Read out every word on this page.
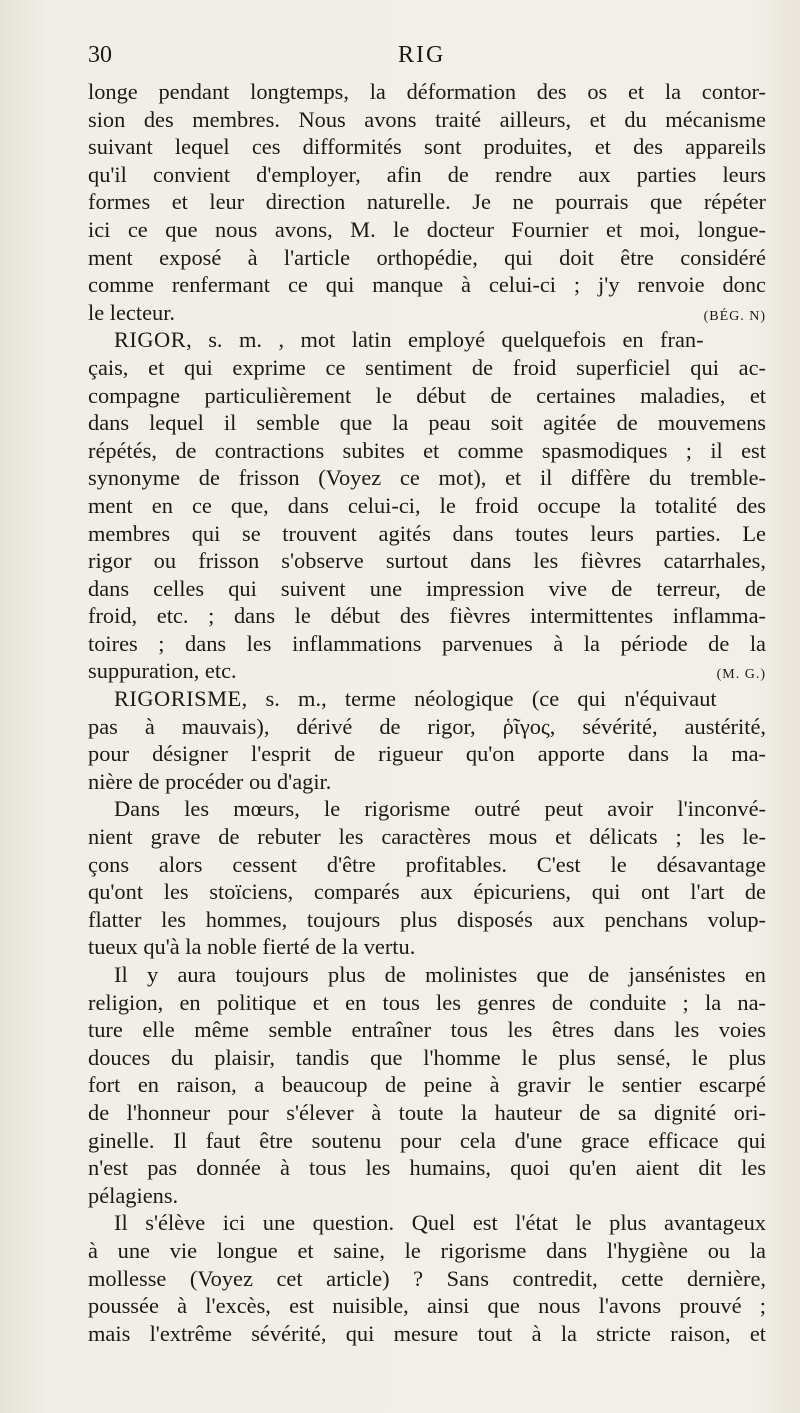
30	RIG

longe pendant longtemps, la déformation des os et la contor-
sion des membres. Nous avons traité ailleurs, et du mécanisme
suivant lequel ces difformités sont produites, et des appareils
qu'il convient d'employer, afin de rendre aux parties leurs
formes et leur direction naturelle. Je ne pourrais que répéter
ici ce que nous avons, M. le docteur Fournier et moi, longue-
ment exposé à l'article orthopédie, qui doit être considéré
comme renfermant ce qui manque à celui-ci ; j'y renvoie donc
le lecteur.	(BÉG. N)

RIGOR, s. m. , mot latin employé quelquefois en fran-
çais, et qui exprime ce sentiment de froid superficiel qui ac-
compagne particulièrement le début de certaines maladies, et
dans lequel il semble que la peau soit agitée de mouvemens
répétés, de contractions subites et comme spasmodiques ; il est
synonyme de frisson (Voyez ce mot), et il diffère du tremble-
ment en ce que, dans celui-ci, le froid occupe la totalité des
membres qui se trouvent agités dans toutes leurs parties. Le
rigor ou frisson s'observe surtout dans les fièvres catarrhales,
dans celles qui suivent une impression vive de terreur, de
froid, etc. ; dans le début des fièvres intermittentes inflamma-
toires ; dans les inflammations parvenues à la période de la
suppuration, etc.	(M. G.)

RIGORISME, s. m., terme néologique (ce qui n'équivaut
pas à mauvais), dérivé de rigor, ῥῖγος, sévérité, austérité,
pour désigner l'esprit de rigueur qu'on apporte dans la ma-
nière de procéder ou d'agir.

Dans les mœurs, le rigorisme outré peut avoir l'inconvé-
nient grave de rebuter les caractères mous et délicats ; les le-
çons alors cessent d'être profitables. C'est le désavantage
qu'ont les stoïciens, comparés aux épicuriens, qui ont l'art de
flatter les hommes, toujours plus disposés aux penchans volup-
tueux qu'à la noble fierté de la vertu.

Il y aura toujours plus de molinistes que de jansénistes en
religion, en politique et en tous les genres de conduite ; la na-
ture elle même semble entraîner tous les êtres dans les voies
douces du plaisir, tandis que l'homme le plus sensé, le plus
fort en raison, a beaucoup de peine à gravir le sentier escarpé
de l'honneur pour s'élever à toute la hauteur de sa dignité ori-
ginelle. Il faut être soutenu pour cela d'une grace efficace qui
n'est pas donnée à tous les humains, quoi qu'en aient dit les
pélagiens.

Il s'élève ici une question. Quel est l'état le plus avantageux
à une vie longue et saine, le rigorisme dans l'hygiène ou la
mollesse (Voyez cet article) ? Sans contredit, cette dernière,
poussée à l'excès, est nuisible, ainsi que nous l'avons prouvé ;
mais l'extrême sévérité, qui mesure tout à la stricte raison, et
